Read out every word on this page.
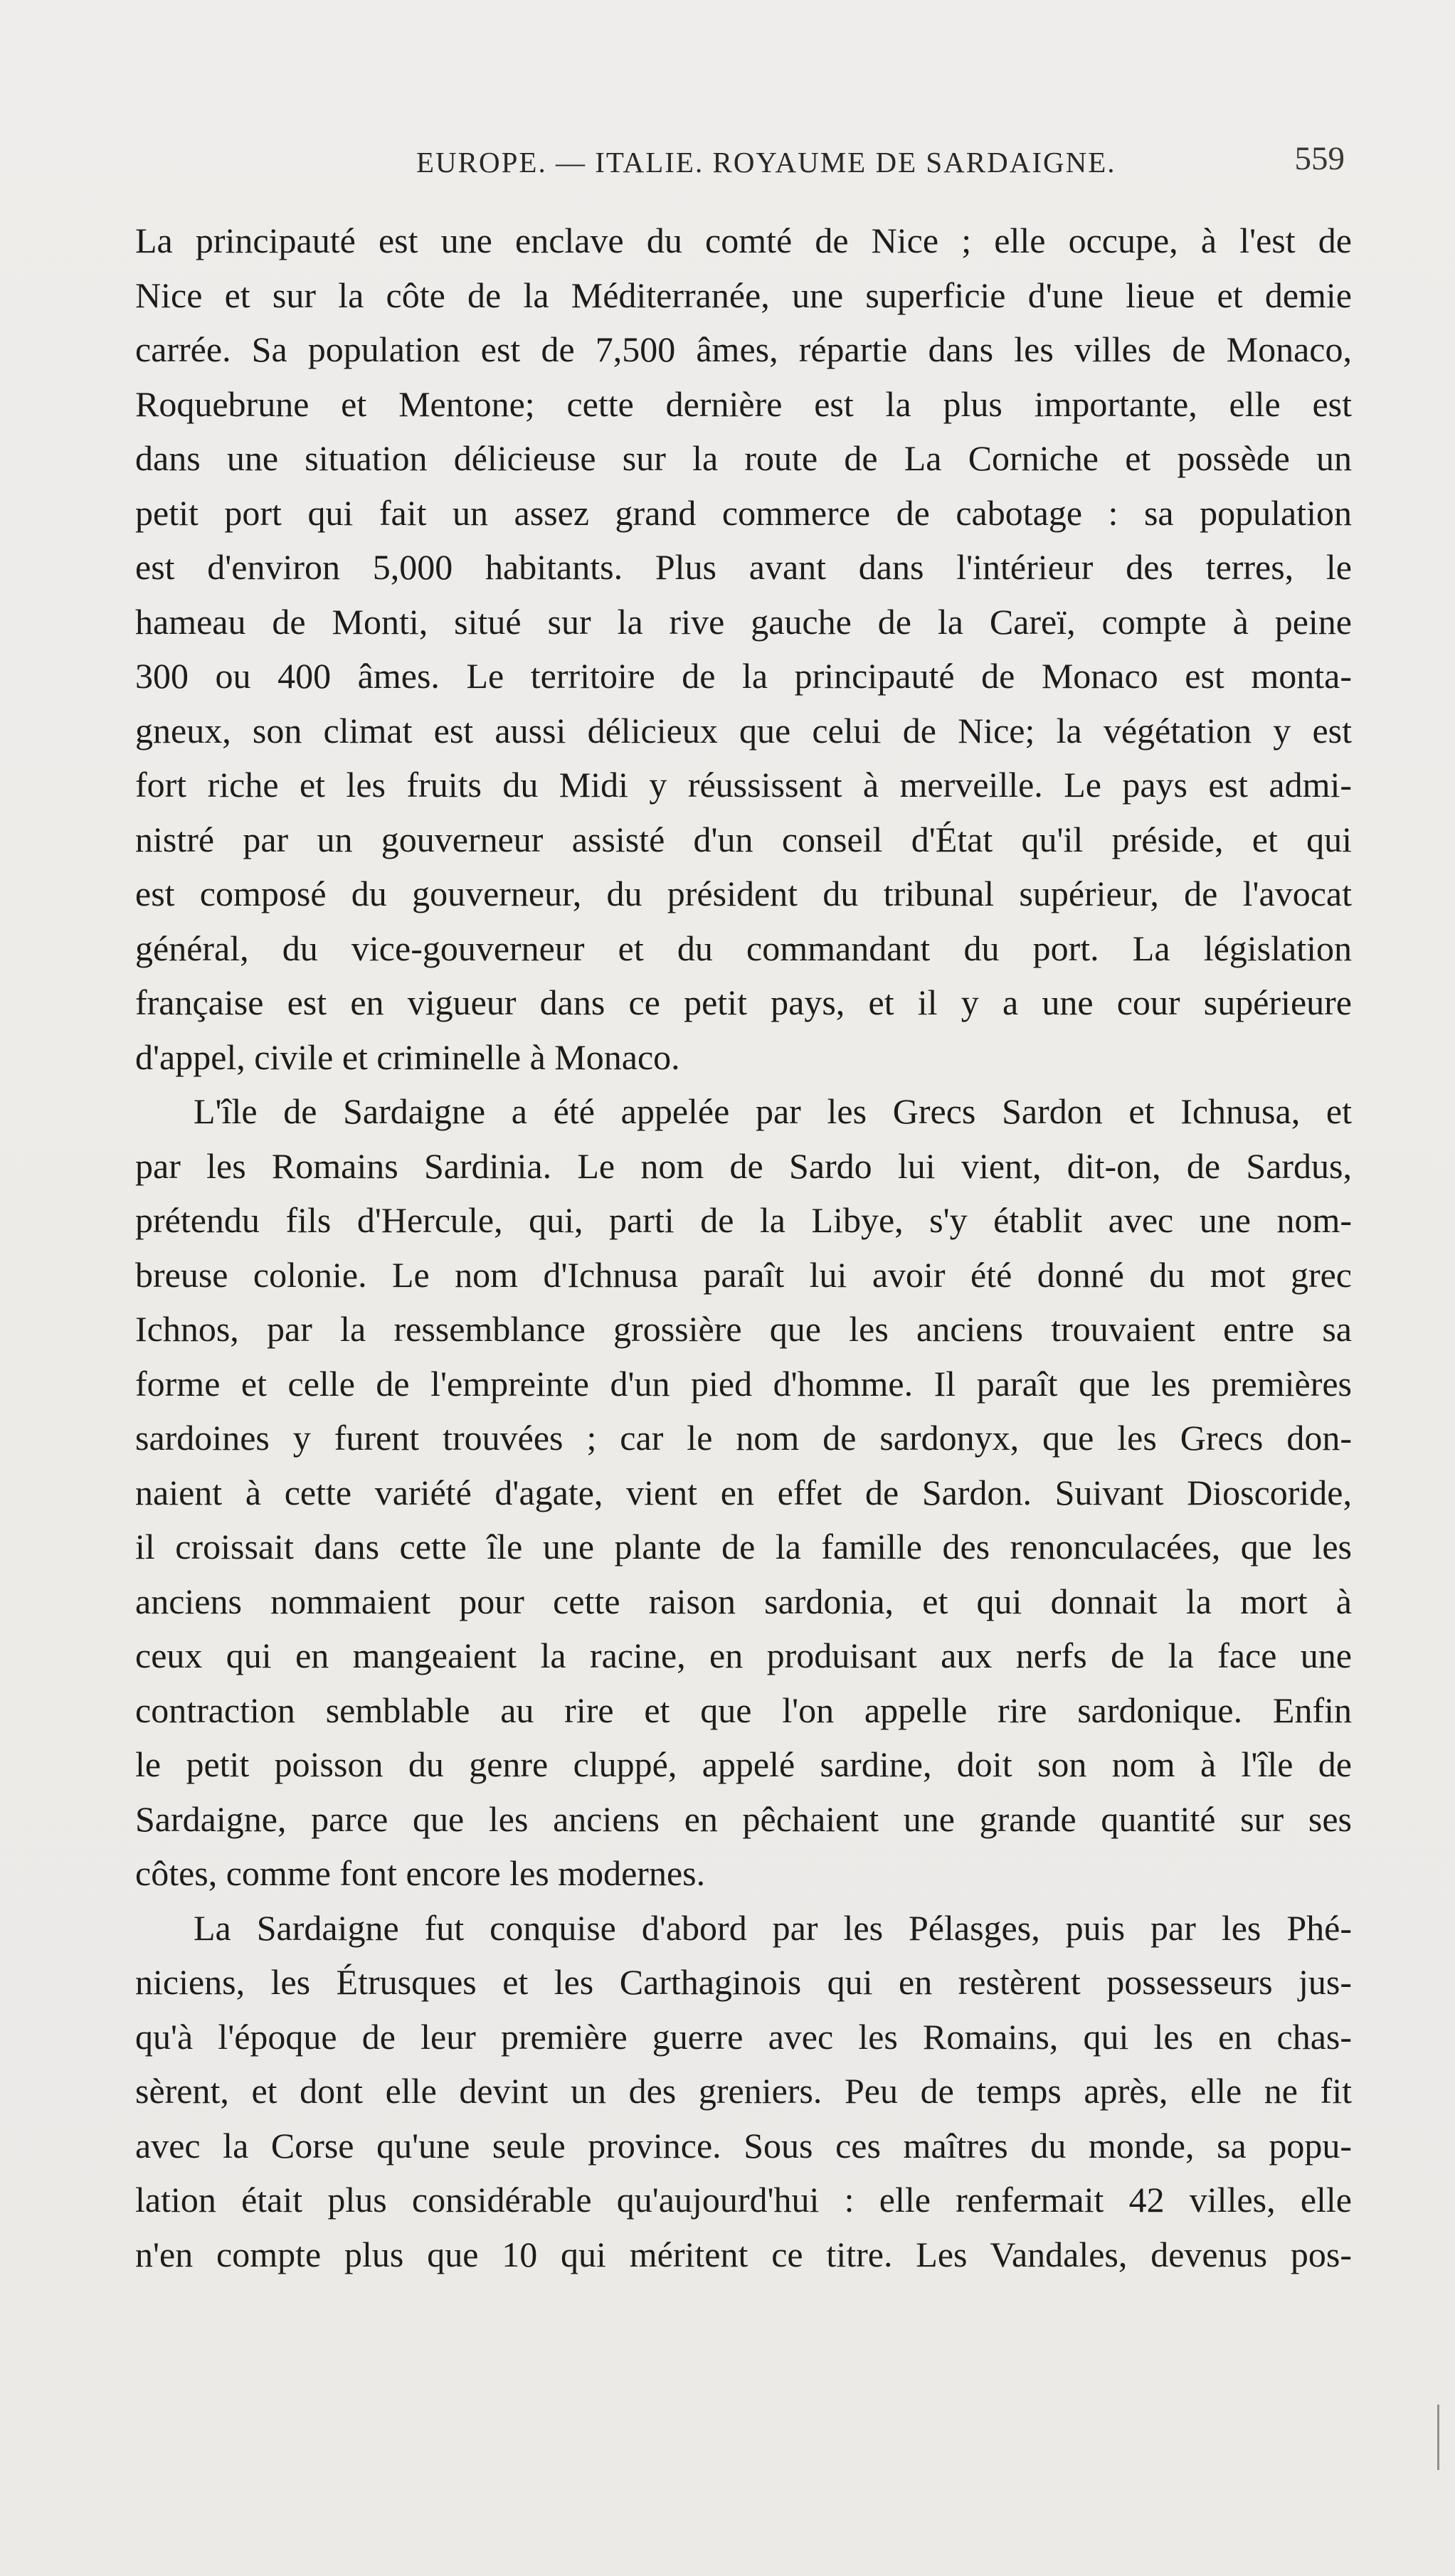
EUROPE. — ITALIE. ROYAUME DE SARDAIGNE.	559
La principauté est une enclave du comté de Nice ; elle occupe, à l'est de
Nice et sur la côte de la Méditerranée, une superficie d'une lieue et demie
carrée. Sa population est de 7,500 âmes, répartie dans les villes de Monaco,
Roquebrune et Mentone; cette dernière est la plus importante, elle est
dans une situation délicieuse sur la route de La Corniche et possède un
petit port qui fait un assez grand commerce de cabotage : sa population
est d'environ 5,000 habitants. Plus avant dans l'intérieur des terres, le
hameau de Monti, situé sur la rive gauche de la Careï, compte à peine
300 ou 400 âmes. Le territoire de la principauté de Monaco est monta-
gneux, son climat est aussi délicieux que celui de Nice; la végétation y est
fort riche et les fruits du Midi y réussissent à merveille. Le pays est admi-
nistré par un gouverneur assisté d'un conseil d'État qu'il préside, et qui
est composé du gouverneur, du président du tribunal supérieur, de l'avocat
général, du vice-gouverneur et du commandant du port. La législation
française est en vigueur dans ce petit pays, et il y a une cour supérieure
d'appel, civile et criminelle à Monaco.
L'île de Sardaigne a été appelée par les Grecs Sardon et Ichnusa, et
par les Romains Sardinia. Le nom de Sardo lui vient, dit-on, de Sardus,
prétendu fils d'Hercule, qui, parti de la Libye, s'y établit avec une nom-
breuse colonie. Le nom d'Ichnusa paraît lui avoir été donné du mot grec
Ichnos, par la ressemblance grossière que les anciens trouvaient entre sa
forme et celle de l'empreinte d'un pied d'homme. Il paraît que les premières
sardoines y furent trouvées ; car le nom de sardonyx, que les Grecs don-
naient à cette variété d'agate, vient en effet de Sardon. Suivant Dioscoride,
il croissait dans cette île une plante de la famille des renonculacées, que les
anciens nommaient pour cette raison sardonia, et qui donnait la mort à
ceux qui en mangeaient la racine, en produisant aux nerfs de la face une
contraction semblable au rire et que l'on appelle rire sardonique. Enfin
le petit poisson du genre cluppé, appelé sardine, doit son nom à l'île de
Sardaigne, parce que les anciens en pêchaient une grande quantité sur ses
côtes, comme font encore les modernes.
La Sardaigne fut conquise d'abord par les Pélasges, puis par les Phé-
niciens, les Étrusques et les Carthaginois qui en restèrent possesseurs jus-
qu'à l'époque de leur première guerre avec les Romains, qui les en chas-
sèrent, et dont elle devint un des greniers. Peu de temps après, elle ne fit
avec la Corse qu'une seule province. Sous ces maîtres du monde, sa popu-
lation était plus considérable qu'aujourd'hui : elle renfermait 42 villes, elle
n'en compte plus que 10 qui méritent ce titre. Les Vandales, devenus pos-
